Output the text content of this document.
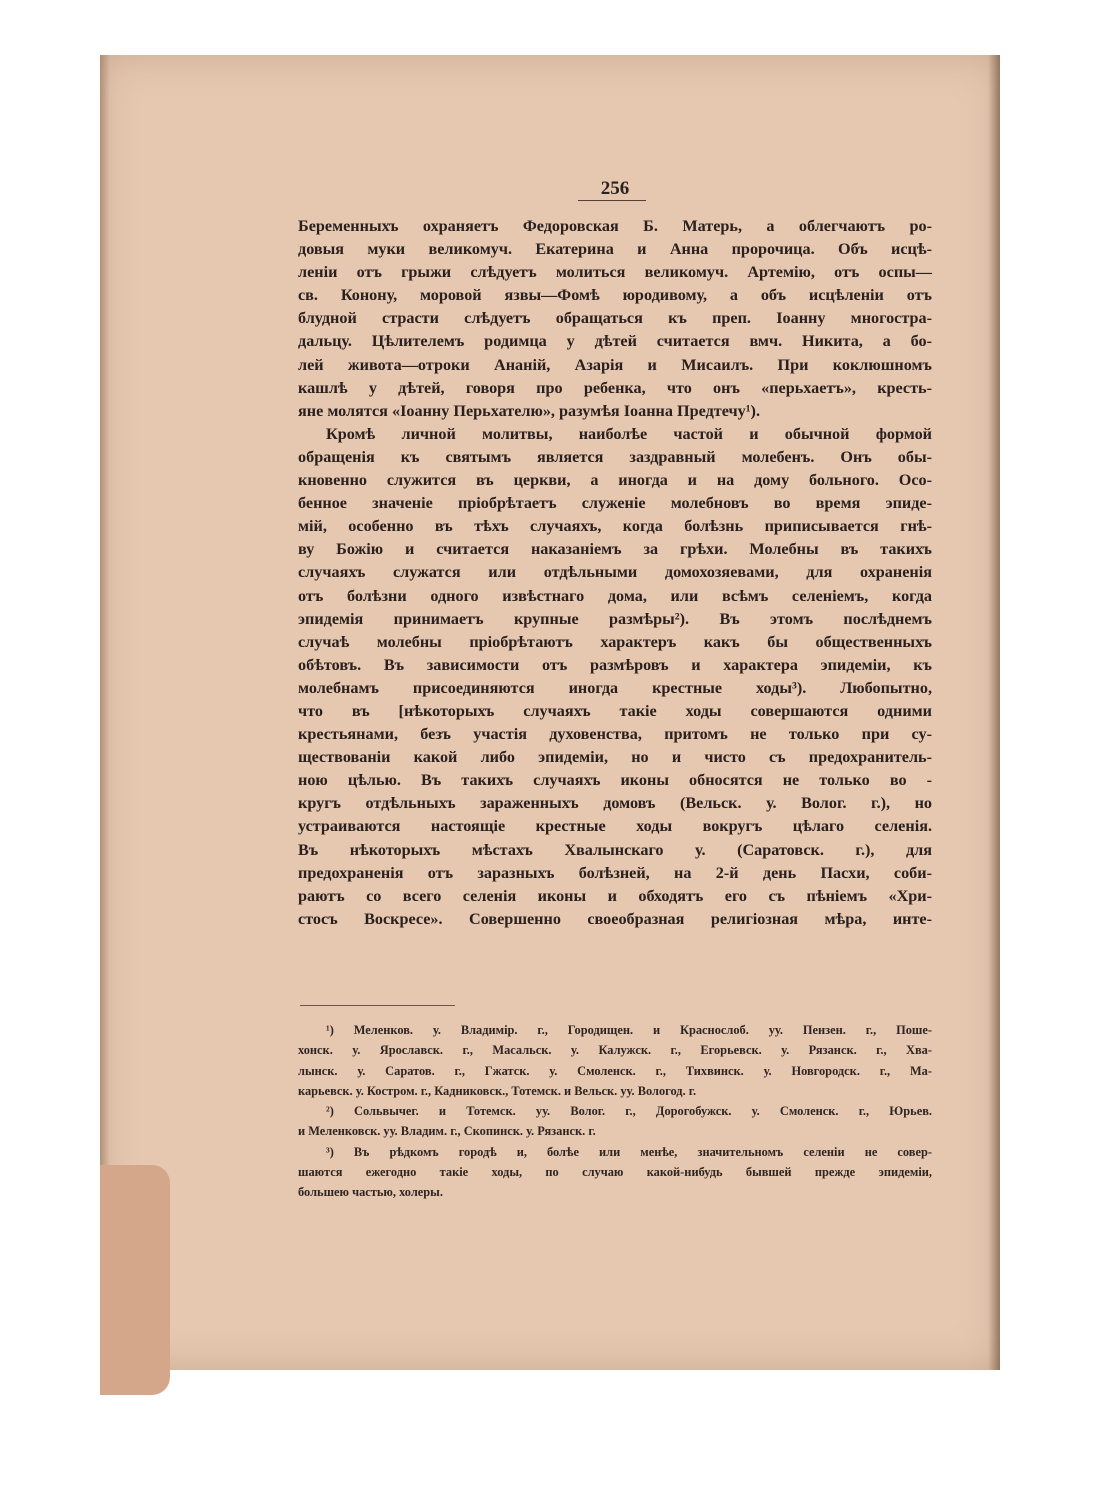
256

Беременныхъ охраняетъ Федоровская Б. Матерь, а облегчаютъ ро-
довыя муки великомуч. Екатерина и Анна пророчица. Объ исцѣ-
леніи отъ грыжи слѣдуетъ молиться великомуч. Артемію, отъ оспы—
св. Конону, моровой язвы—Фомѣ юродивому, а объ исцѣленіи отъ
блудной страсти слѣдуетъ обращаться къ преп. Іоанну многостра-
дальцу. Цѣлителемъ родимца у дѣтей считается вмч. Никита, а бо-
лей живота—отроки Ананій, Азарія и Мисаилъ. При коклюшномъ
кашлѣ у дѣтей, говоря про ребенка, что онъ «перьхаетъ», кресть-
яне молятся «Іоанну Перьхателю», разумѣя Іоанна Предтечу¹).

Кромѣ личной молитвы, наиболѣе частой и обычной формой
обращенія къ святымъ является заздравный молебенъ. Онъ обы-
кновенно служится въ церкви, а иногда и на дому больного. Осо-
бенное значеніе пріобрѣтаетъ служеніе молебновъ во время эпиде-
мій, особенно въ тѣхъ случаяхъ, когда болѣзнь приписывается гнѣ-
ву Божію и считается наказаніемъ за грѣхи. Молебны въ такихъ
случаяхъ служатся или отдѣльными домохозяевами, для охраненія
отъ болѣзни одного извѣстнаго дома, или всѣмъ селеніемъ, когда
эпидемія принимаетъ крупные размѣры²). Въ этомъ послѣднемъ
случаѣ молебны пріобрѣтаютъ характеръ какъ бы общественныхъ
обѣтовъ. Въ зависимости отъ размѣровъ и характера эпидеміи, къ
молебнамъ присоединяются иногда крестные ходы³). Любопытно,
что въ [нѣкоторыхъ случаяхъ такіе ходы совершаются одними
крестьянами, безъ участія духовенства, притомъ не только при су-
ществованіи какой либо эпидеміи, но и чисто съ предохранитель-
ною цѣлью. Въ такихъ случаяхъ иконы обносятся не только во -
кругъ отдѣльныхъ зараженныхъ домовъ (Вельск. у. Волог. г.), но
устраиваются настоящіе крестные ходы вокругъ цѣлаго селенія.
Въ нѣкоторыхъ мѣстахъ Хвалынскаго у. (Саратовск. г.), для
предохраненія отъ заразныхъ болѣзней, на 2-й день Пасхи, соби-
раютъ со всего селенія иконы и обходятъ его съ пѣніемъ «Хри-
стосъ Воскресе». Совершенно своеобразная религіозная мѣра, инте-

¹) Меленков. у. Владимір. г., Городищен. и Краснослоб. уу. Пензен. г., Поше-
хонск. у. Ярославск. г., Масальск. у. Калужск. г., Егорьевск. у. Рязанск. г., Хва-
лынск. у. Саратов. г., Гжатск. у. Смоленск. г., Тихвинск. у. Новгородск. г., Ма-
карьевск. у. Костром. г., Кадниковск., Тотемск. и Вельск. уу. Вологод. г.
²) Сольвычег. и Тотемск. уу. Волог. г., Дорогобужск. у. Смоленск. г., Юрьев.
и Меленковск. уу. Владим. г., Скопинск. у. Рязанск. г.
³) Въ рѣдкомъ городѣ и, болѣе или менѣе, значительномъ селеніи не совер-
шаются ежегодно такіе ходы, по случаю какой-нибудь бывшей прежде эпидеміи,
большею частью, холеры.
